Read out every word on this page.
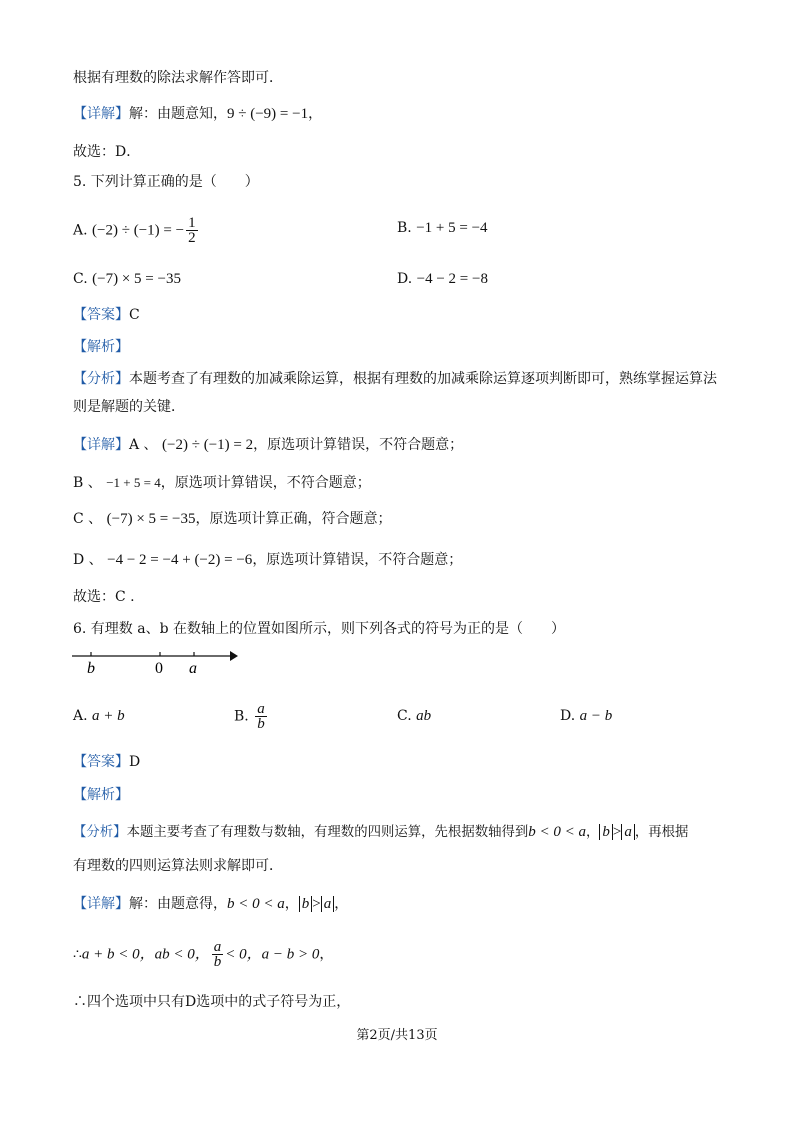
根据有理数的除法求解作答即可．
【详解】解：由题意知，9 ÷ (−9) = −1，
故选：D．
5. 下列计算正确的是（　　）
A. (−2) ÷ (−1) = − $\frac{1}{2}$	B. −1 + 5 = −4
C. (−7) × 5 = −35	D. −4 − 2 = −8
【答案】C
【解析】
【分析】本题考查了有理数的加减乘除运算，根据有理数的加减乘除运算逐项判断即可，熟练掌握运算法
则是解题的关键．
【详解】A 、 (−2) ÷ (−1) = 2，原选项计算错误，不符合题意；
B 、 −1 + 5 = 4，原选项计算错误，不符合题意；
C 、 (−7) × 5 = −35，原选项计算正确，符合题意；
D 、 −4 − 2 = −4 + (−2) = −6，原选项计算错误，不符合题意；
故选：C .
6. 有理数 a、b 在数轴上的位置如图所示，则下列各式的符号为正的是（　　）
b	0 a
A. a + b	B. $\frac{a}{b}$	C. ab	D. a − b
【答案】D
【解析】
【分析】本题主要考查了有理数与数轴，有理数的四则运算，先根据数轴得到b < 0 < a， b > a ，再根据
有理数的四则运算法则求解即可．
【详解】解：由题意得，b < 0 < a， b > a ，
∴a + b < 0，ab < 0， $\frac{a}{b} < 0$，a − b > 0，
∴四个选项中只有D选项中的式子符号为正，
第2页/共13页
